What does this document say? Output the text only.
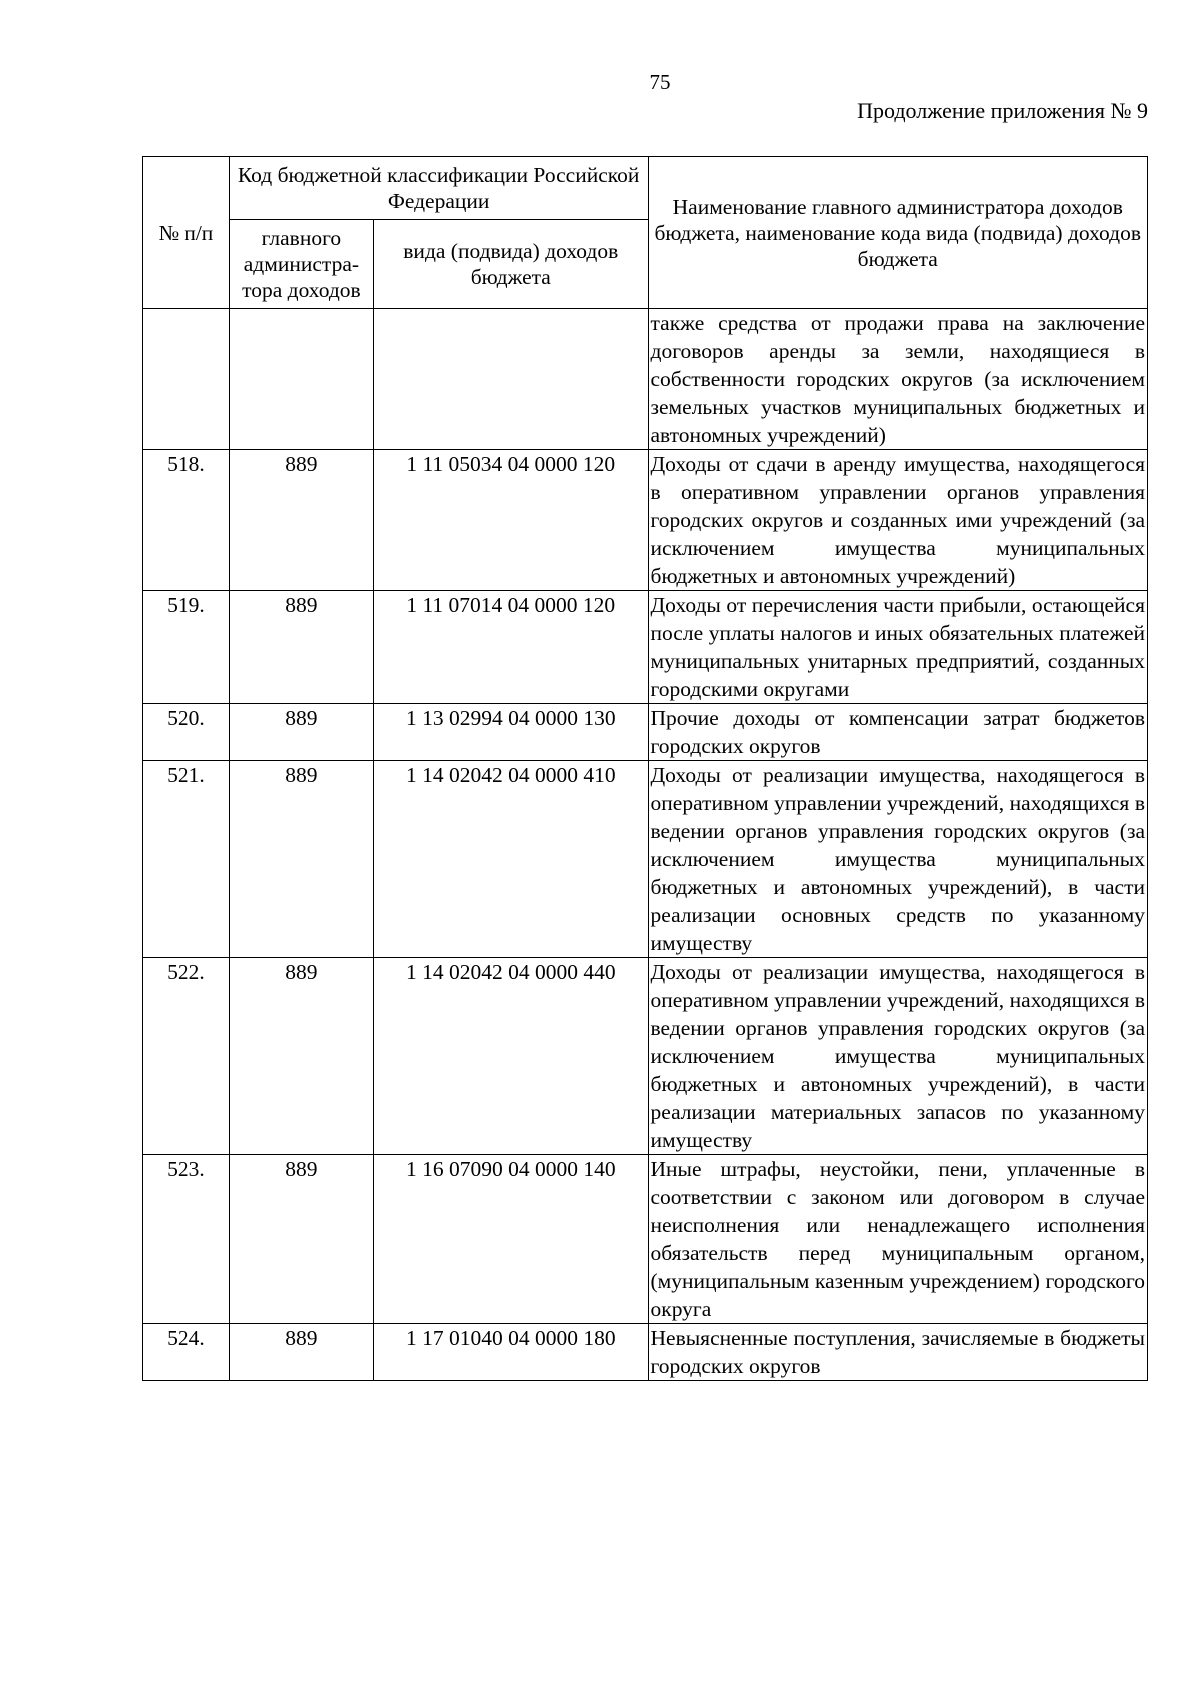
75
Продолжение приложения № 9
№ п/п	Код бюджетной классификации Российской Федерации		Наименование главного администратора доходов бюджета, наименование кода вида (подвида) доходов бюджета
	главного администра-тора доходов	вида (подвида) доходов бюджета	
			также средства от продажи права на заключение договоров аренды за земли, находящиеся в собственности городских округов (за исключением земельных участков муниципальных бюджетных и автономных учреждений)
518.	889	1 11 05034 04 0000 120	Доходы от сдачи в аренду имущества, находящегося в оперативном управлении органов управления городских округов и созданных ими учреждений (за исключением имущества муниципальных бюджетных и автономных учреждений)
519.	889	1 11 07014 04 0000 120	Доходы от перечисления части прибыли, остающейся после уплаты налогов и иных обязательных платежей муниципальных унитарных предприятий, созданных городскими округами
520.	889	1 13 02994 04 0000 130	Прочие доходы от компенсации затрат бюджетов городских округов
521.	889	1 14 02042 04 0000 410	Доходы от реализации имущества, находящегося в оперативном управлении учреждений, находящихся в ведении органов управления городских округов (за исключением имущества муниципальных бюджетных и автономных учреждений), в части реализации основных средств по указанному имуществу
522.	889	1 14 02042 04 0000 440	Доходы от реализации имущества, находящегося в оперативном управлении учреждений, находящихся в ведении органов управления городских округов (за исключением имущества муниципальных бюджетных и автономных учреждений), в части реализации материальных запасов по указанному имуществу
523.	889	1 16 07090 04 0000 140	Иные штрафы, неустойки, пени, уплаченные в соответствии с законом или договором в случае неисполнения или ненадлежащего исполнения обязательств перед муниципальным органом, (муниципальным казенным учреждением) городского округа
524.	889	1 17 01040 04 0000 180	Невыясненные поступления, зачисляемые в бюджеты городских округов
